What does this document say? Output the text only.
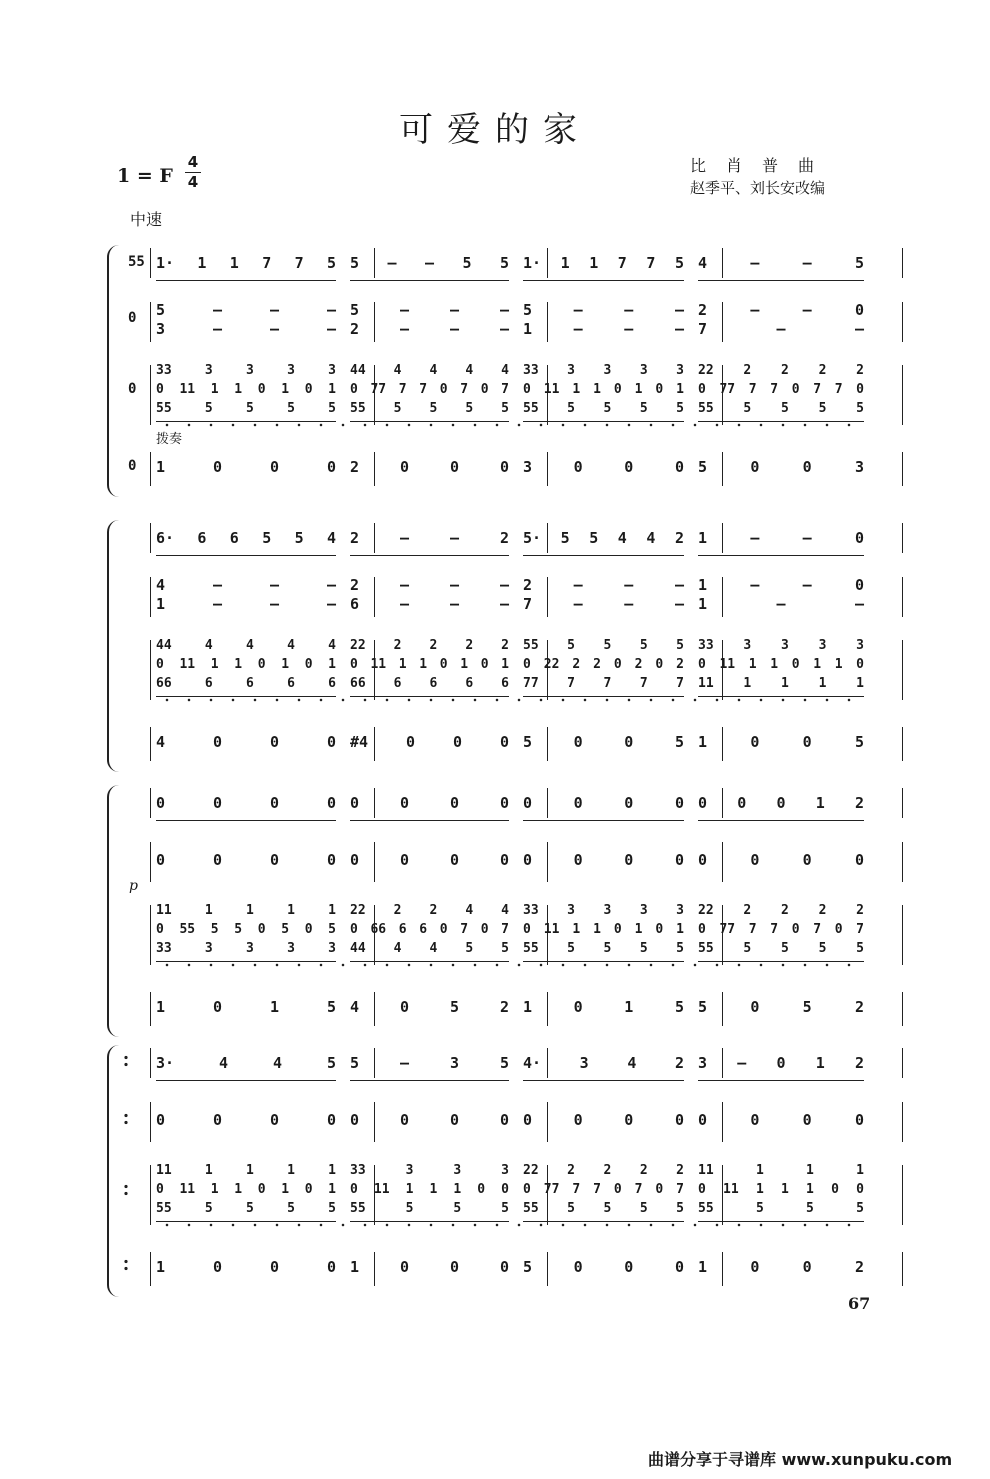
可爱的家
1 = F
4
4
中速
比　肖　普　曲
赵季平、刘长安改编
1· 1 1 7 7 5 5 — — 5 5 1· 1 1 7 7 5 4 — — 5
5 — — —
3 — — —
5 — — —
2 — — —
5 — — —
1 — — —
2 — — 0
7 — —
33 3 3 3 3
0 11 1 1 0 1 0 1
55 5 5 5 5
44 4 4 4 4
0 77 7 7 0 7 0 7
55 5 5 5 5
33 3 3 3 3
0 11 1 1 0 1 0 1
55 5 5 5 5
22 2 2 2 2
0 77 7 7 0 7 7 0
55 5 5 5 5
1 0 0 0 2 0 0 0 3 0 0 0 5 0 0 3
55
0
0
0
6· 6 6 5 5 4 2 — — 2 5· 5 5 4 4 2 1 — — 0
4 — — —
1 — — —
2 — — —
6 — — —
2 — — —
7 — — —
1 — — 0
1 — —
44 4 4 4 4
0 11 1 1 0 1 0 1
66 6 6 6 6
22 2 2 2 2
0 11 1 1 0 1 0 1
66 6 6 6 6
55 5 5 5 5
0 22 2 2 0 2 0 2
77 7 7 7 7
33 3 3 3 3
0 11 1 1 0 1 1 0
11 1 1 1 1
4 0 0 0 #4 0 0 0 5 0 0 5 1 0 0 5
0 0 0 0 0 0 0 0 0 0 0 0 0 0 0 1 2
0 0 0 0 0 0 0 0 0 0 0 0 0 0 0 0
11 1 1 1 1
0 55 5 5 0 5 0 5
33 3 3 3 3
22 2 2 4 4
0 66 6 6 0 7 0 7
44 4 4 5 5
33 3 3 3 3
0 11 1 1 0 1 0 1
55 5 5 5 5
22 2 2 2 2
0 77 7 7 0 7 0 7
55 5 5 5 5
1 0 1 5 4 0 5 2 1 0 1 5 5 0 5 2
3· 4 4 5 5 — 3 5 4· 3 4 2 3 — 0 1 2
0 0 0 0 0 0 0 0 0 0 0 0 0 0 0 0
11 1 1 1 1
0 11 1 1 0 1 0 1
55 5 5 5 5
33 3 3 3
0 11 1 1 1 0 0
55 5 5 5
22 2 2 2 2
0 77 7 7 0 7 0 7
55 5 5 5 5
11 1 1 1
0 11 1 1 1 0 0
55 5 5 5
1 0 0 0 1 0 0 0 5 0 0 0 1 0 0 2
拨奏
p
67
曲谱分享于寻谱库 www.xunpuku.com
